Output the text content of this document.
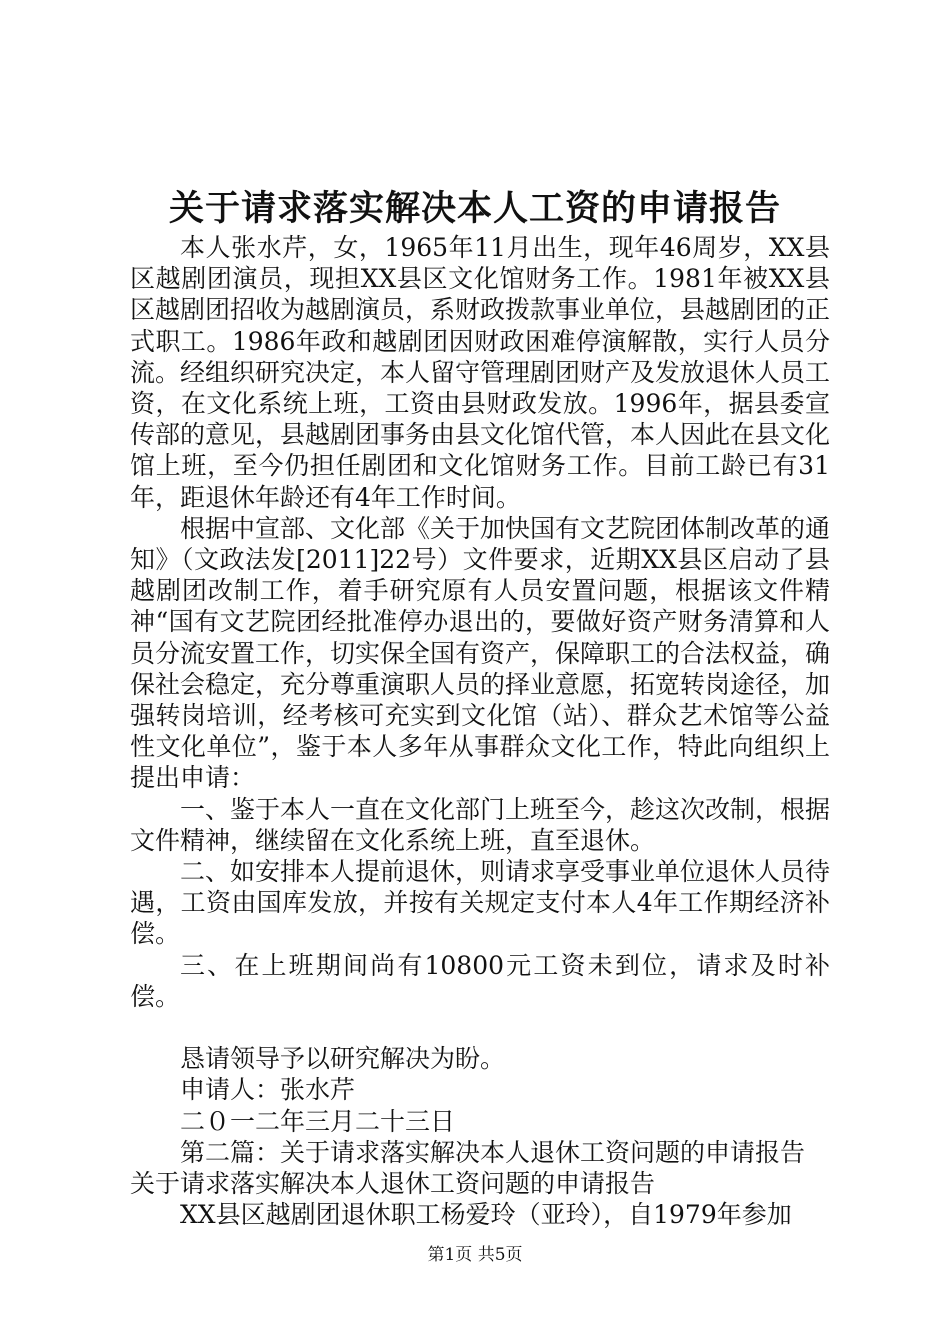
关于请求落实解决本人工资的申请报告

本人张水芹，女，1965年11月出生，现年46周岁，XX县区越剧团演员，现担XX县区文化馆财务工作。1981年被XX县区越剧团招收为越剧演员，系财政拨款事业单位，县越剧团的正式职工。1986年政和越剧团因财政困难停演解散，实行人员分流。经组织研究决定，本人留守管理剧团财产及发放退休人员工资，在文化系统上班，工资由县财政发放。1996年，据县委宣传部的意见，县越剧团事务由县文化馆代管，本人因此在县文化馆上班，至今仍担任剧团和文化馆财务工作。目前工龄已有31年，距退休年龄还有4年工作时间。

根据中宣部、文化部《关于加快国有文艺院团体制改革的通知》（文政法发[2011]22号）文件要求，近期XX县区启动了县越剧团改制工作，着手研究原有人员安置问题，根据该文件精神“国有文艺院团经批准停办退出的，要做好资产财务清算和人员分流安置工作，切实保全国有资产，保障职工的合法权益，确保社会稳定，充分尊重演职人员的择业意愿，拓宽转岗途径，加强转岗培训，经考核可充实到文化馆（站）、群众艺术馆等公益性文化单位”，鉴于本人多年从事群众文化工作，特此向组织上提出申请：

一、鉴于本人一直在文化部门上班至今，趁这次改制，根据文件精神，继续留在文化系统上班，直至退休。

二、如安排本人提前退休，则请求享受事业单位退休人员待遇，工资由国库发放，并按有关规定支付本人4年工作期经济补偿。

三、在上班期间尚有10800元工资未到位，请求及时补偿。

恳请领导予以研究解决为盼。

申请人：张水芹

二０一二年三月二十三日

第二篇：关于请求落实解决本人退休工资问题的申请报告

关于请求落实解决本人退休工资问题的申请报告

XX县区越剧团退休职工杨爱玲（亚玲），自1979年参加

第1页 共5页
